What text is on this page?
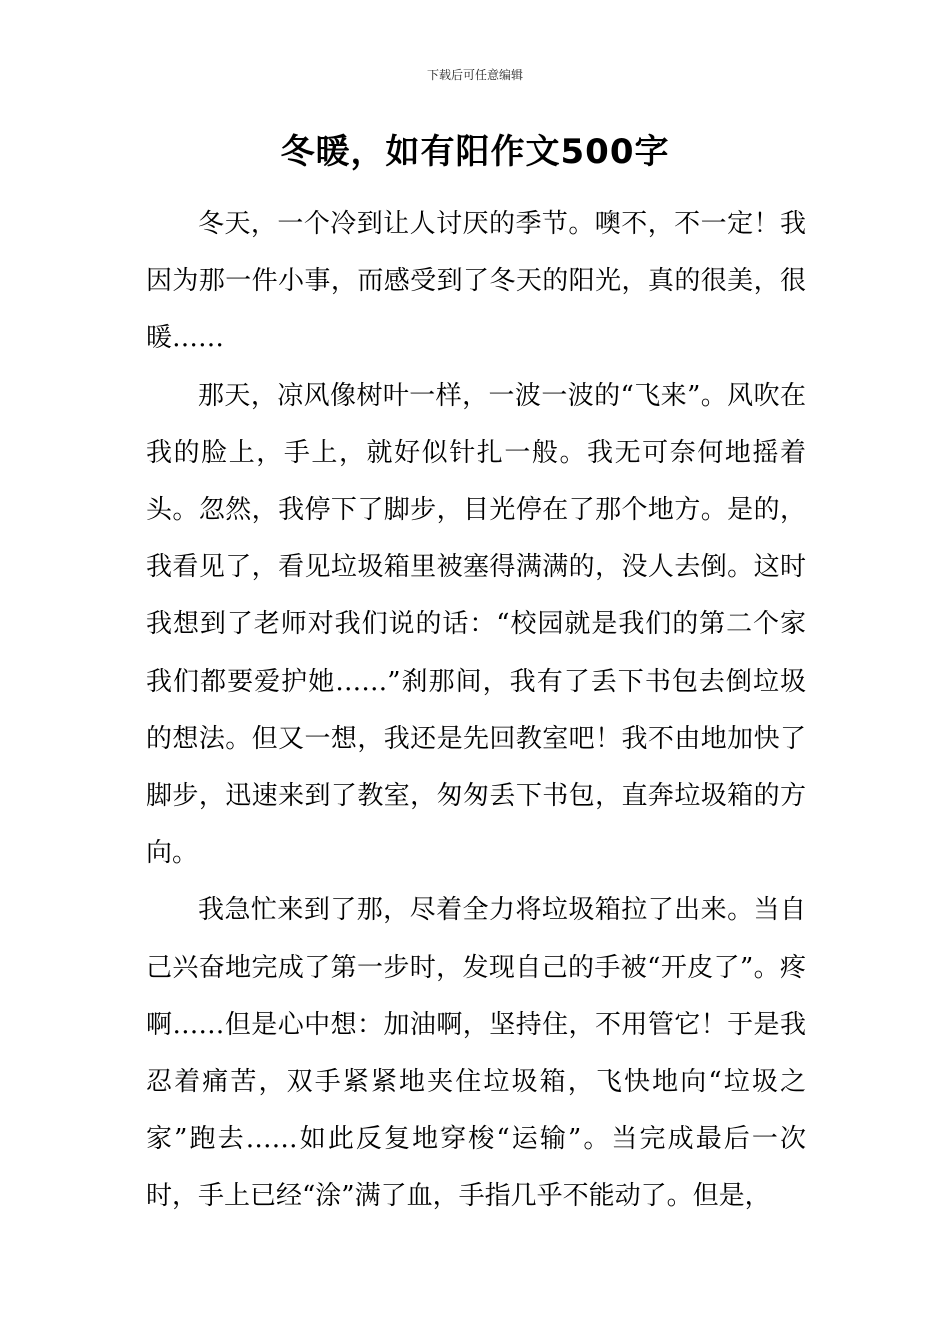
下载后可任意编辑
冬暖，如有阳作文500字

冬天，一个冷到让人讨厌的季节。噢不，不一定！我因为那一件小事，而感受到了冬天的阳光，真的很美，很暖……

那天，凉风像树叶一样，一波一波的“飞来”。风吹在我的脸上，手上，就好似针扎一般。我无可奈何地摇着头。忽然，我停下了脚步，目光停在了那个地方。是的，我看见了，看见垃圾箱里被塞得满满的，没人去倒。这时我想到了老师对我们说的话：“校园就是我们的第二个家我们都要爱护她……”刹那间，我有了丢下书包去倒垃圾的想法。但又一想，我还是先回教室吧！我不由地加快了脚步，迅速来到了教室，匆匆丢下书包，直奔垃圾箱的方向。

我急忙来到了那，尽着全力将垃圾箱拉了出来。当自己兴奋地完成了第一步时，发现自己的手被“开皮了”。疼啊……但是心中想：加油啊，坚持住，不用管它！于是我忍着痛苦，双手紧紧地夹住垃圾箱，飞快地向“垃圾之家”跑去……如此反复地穿梭“运输”。当完成最后一次时，手上已经“涂”满了血，手指几乎不能动了。但是，
